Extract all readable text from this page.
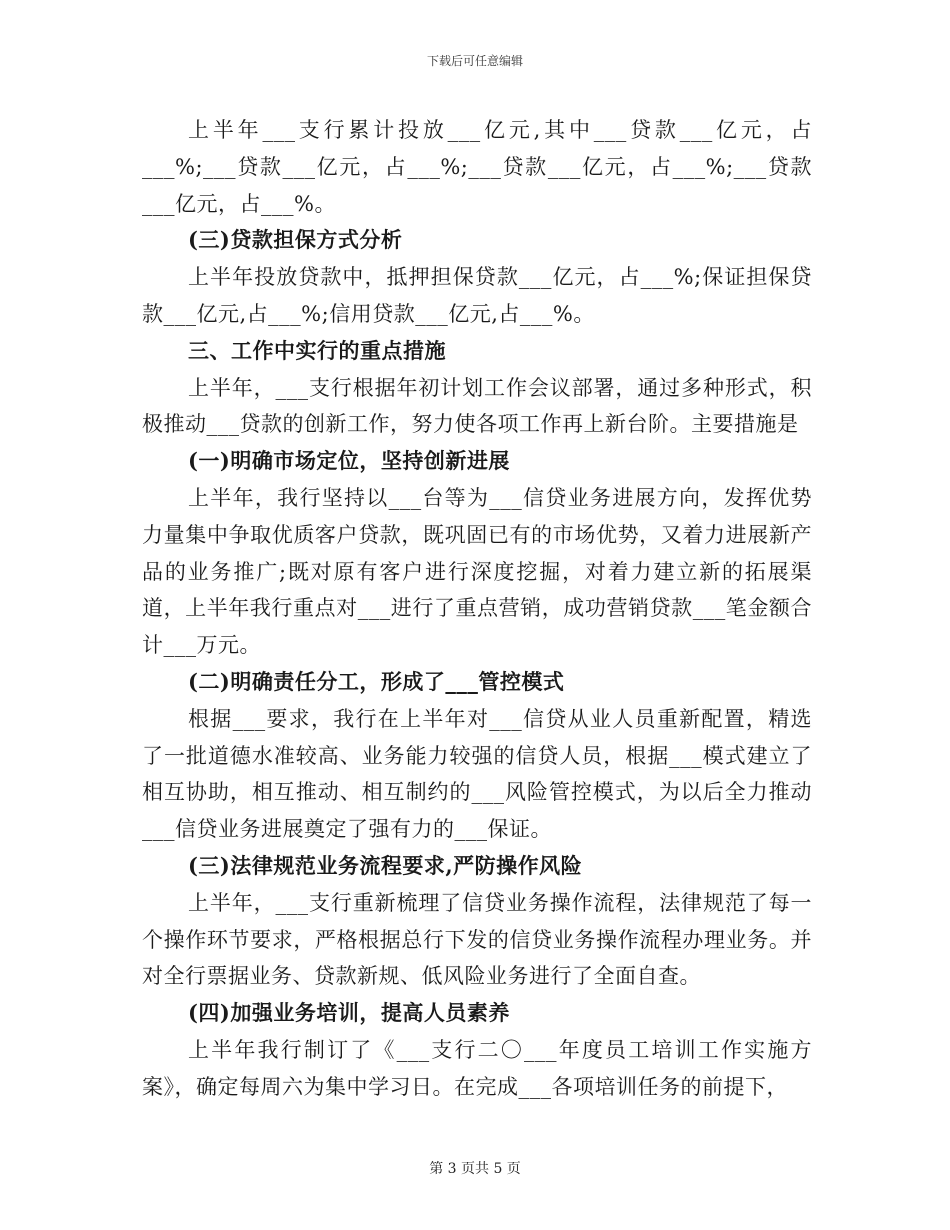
下载后可任意编辑

上半年___支行累计投放___亿元,其中___贷款___亿元，占___%;___贷款___亿元，占___%;___贷款___亿元，占___%;___贷款___亿元，占___%。

(三)贷款担保方式分析

上半年投放贷款中，抵押担保贷款___亿元，占___%;保证担保贷款___亿元,占___%;信用贷款___亿元,占___%。

三、工作中实行的重点措施

上半年，___支行根据年初计划工作会议部署，通过多种形式，积极推动___贷款的创新工作，努力使各项工作再上新台阶。主要措施是

(一)明确市场定位，坚持创新进展

上半年，我行坚持以___台等为___信贷业务进展方向，发挥优势力量集中争取优质客户贷款，既巩固已有的市场优势，又着力进展新产品的业务推广;既对原有客户进行深度挖掘，对着力建立新的拓展渠道，上半年我行重点对___进行了重点营销，成功营销贷款___笔金额合计___万元。

(二)明确责任分工，形成了___管控模式

根据___要求，我行在上半年对___信贷从业人员重新配置，精选了一批道德水准较高、业务能力较强的信贷人员，根据___模式建立了相互协助，相互推动、相互制约的___风险管控模式，为以后全力推动___信贷业务进展奠定了强有力的___保证。

(三)法律规范业务流程要求,严防操作风险

上半年，___支行重新梳理了信贷业务操作流程，法律规范了每一个操作环节要求，严格根据总行下发的信贷业务操作流程办理业务。并对全行票据业务、贷款新规、低风险业务进行了全面自查。

(四)加强业务培训，提高人员素养

上半年我行制订了《___支行二〇___年度员工培训工作实施方案》，确定每周六为集中学习日。在完成___各项培训任务的前提下，

第 3 页共 5 页
